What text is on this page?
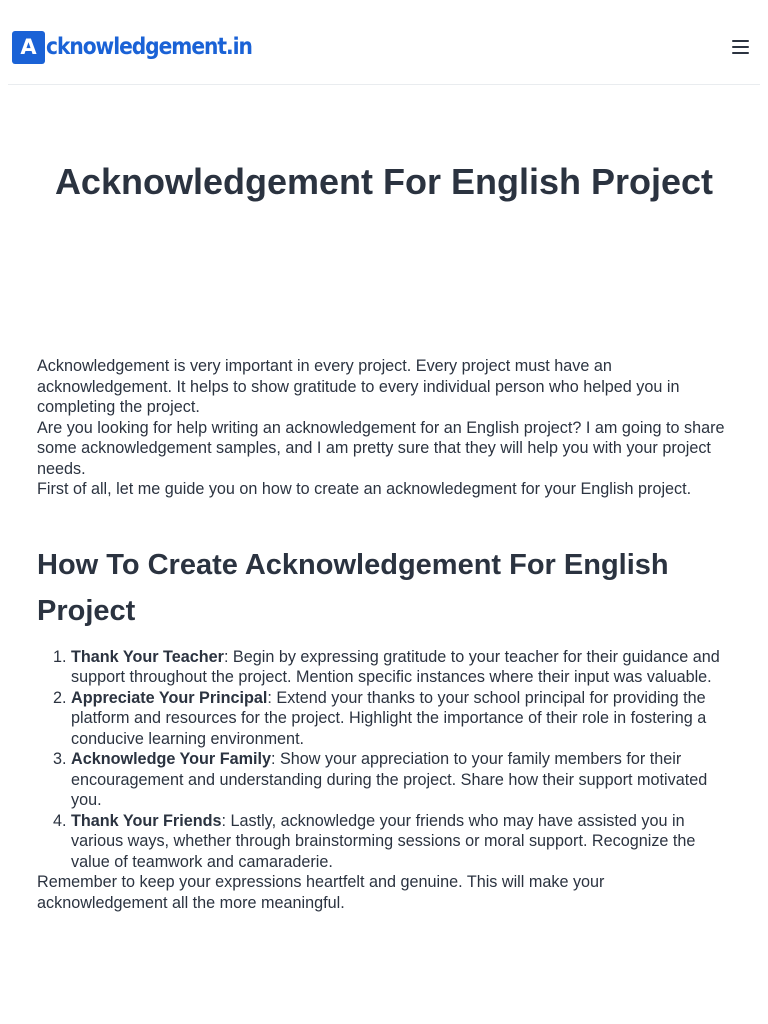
A cknowledgement.in
Acknowledgement For English Project

Acknowledgement is very important in every project. Every project must have an acknowledgement. It helps to show gratitude to every individual person who helped you in completing the project.

Are you looking for help writing an acknowledgement for an English project? I am going to share some acknowledgement samples, and I am pretty sure that they will help you with your project needs.

First of all, let me guide you on how to create an acknowledegment for your English project.

How To Create Acknowledgement For English Project
1. Thank Your Teacher: Begin by expressing gratitude to your teacher for their guidance and support throughout the project. Mention specific instances where their input was valuable.
2. Appreciate Your Principal: Extend your thanks to your school principal for providing the platform and resources for the project. Highlight the importance of their role in fostering a conducive learning environment.
3. Acknowledge Your Family: Show your appreciation to your family members for their encouragement and understanding during the project. Share how their support motivated you.
4. Thank Your Friends: Lastly, acknowledge your friends who may have assisted you in various ways, whether through brainstorming sessions or moral support. Recognize the value of teamwork and camaraderie.

Remember to keep your expressions heartfelt and genuine. This will make your acknowledgement all the more meaningful.
